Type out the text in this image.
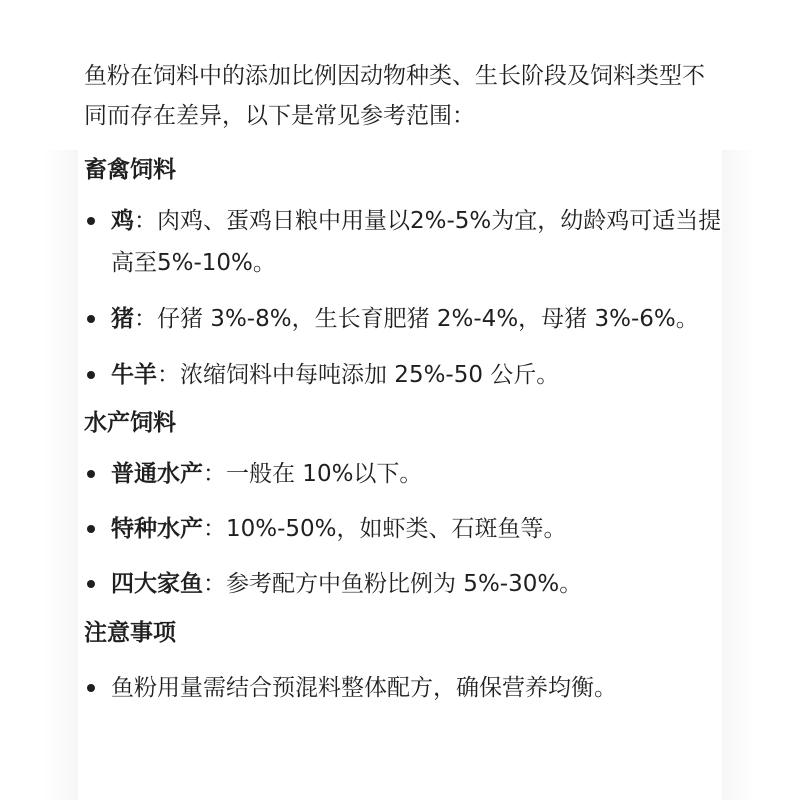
鱼粉在饲料中的添加比例因动物种类、生长阶段及饲料类型不同而存在差异，以下是常见参考范围：

畜禽饲料
鸡：肉鸡、蛋鸡日粮中用量以2%-5%为宜，幼龄鸡可适当提高至5%-10%。
猪：仔猪 3%-8%，生长育肥猪 2%-4%，母猪 3%-6%。
牛羊：浓缩饲料中每吨添加 25%-50 公斤。
水产饲料
普通水产：一般在 10%以下。
特种水产：10%-50%，如虾类、石斑鱼等。
四大家鱼：参考配方中鱼粉比例为 5%-30%。
注意事项
鱼粉用量需结合预混料整体配方，确保营养均衡。
